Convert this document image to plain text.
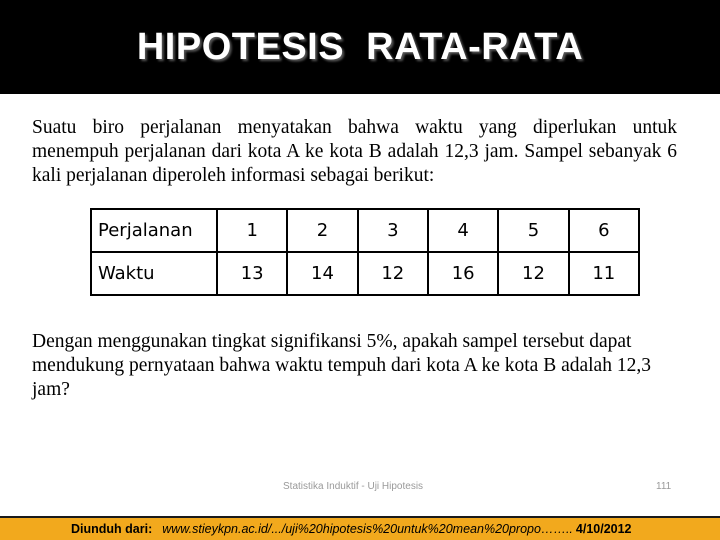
HIPOTESIS  RATA-RATA

Suatu biro perjalanan menyatakan bahwa waktu yang diperlukan untuk menempuh perjalanan dari kota A ke kota B adalah 12,3 jam. Sampel sebanyak 6 kali perjalanan diperoleh informasi sebagai berikut:

Perjalanan	1	2	3	4	5	6
Waktu	13	14	12	16	12	11

Dengan menggunakan tingkat signifikansi 5%, apakah sampel tersebut dapat mendukung pernyataan bahwa waktu tempuh dari kota A ke kota B adalah 12,3 jam?

Statistika Induktif - Uji Hipotesis	111
Diunduh dari: www.stieykpn.ac.id/.../uji%20hipotesis%20untuk%20mean%20propo…….. 4/10/2012
